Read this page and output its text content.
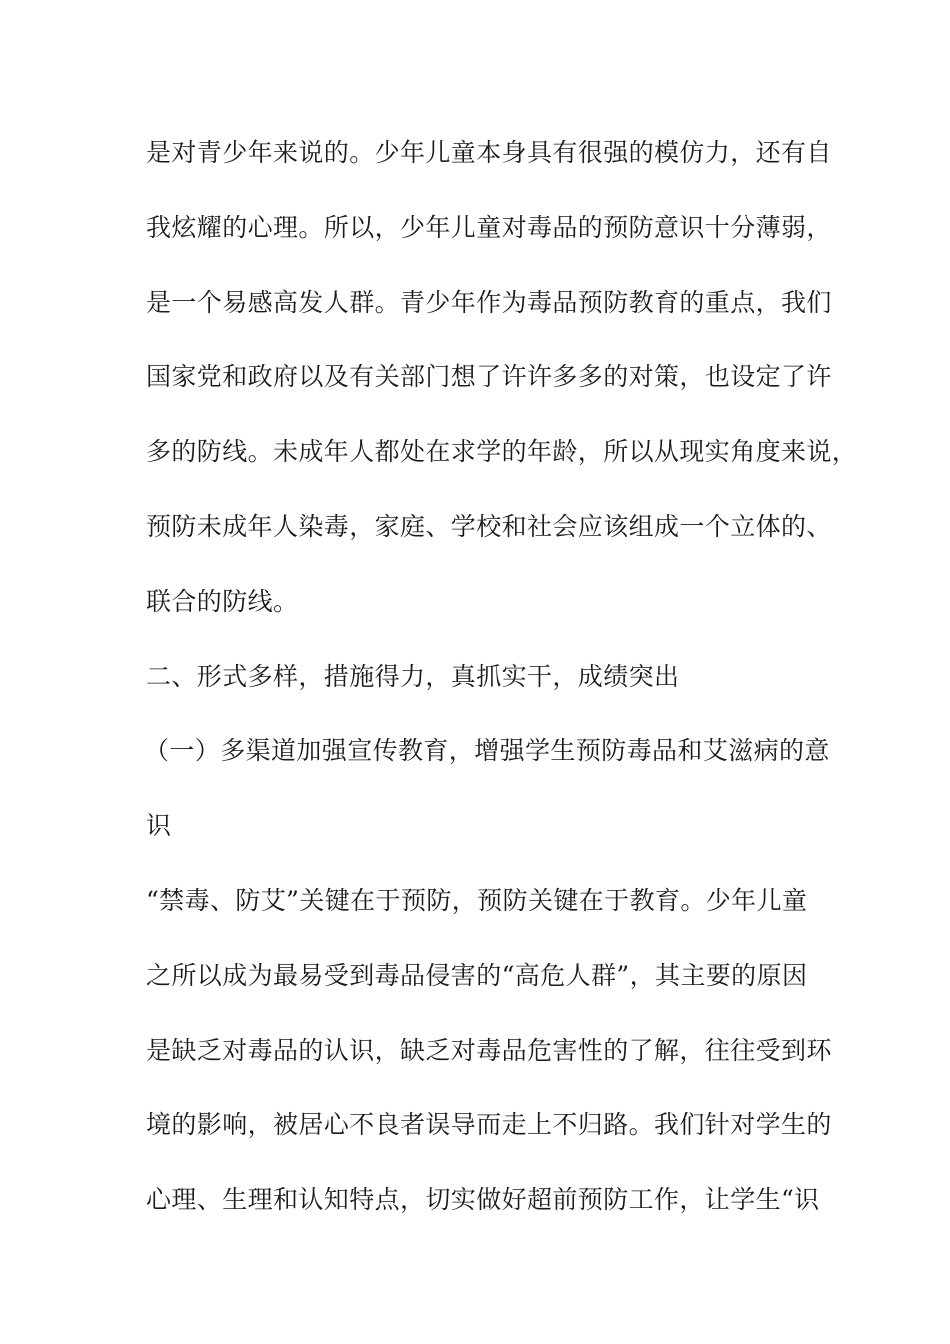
是对青少年来说的。少年儿童本身具有很强的模仿力，还有自
我炫耀的心理。所以，少年儿童对毒品的预防意识十分薄弱，
是一个易感高发人群。青少年作为毒品预防教育的重点，我们
国家党和政府以及有关部门想了许许多多的对策，也设定了许
多的防线。未成年人都处在求学的年龄，所以从现实角度来说，
预防未成年人染毒，家庭、学校和社会应该组成一个立体的、
联合的防线。
二、形式多样，措施得力，真抓实干，成绩突出
（一）多渠道加强宣传教育，增强学生预防毒品和艾滋病的意
识
“禁毒、防艾”关键在于预防，预防关键在于教育。少年儿童
之所以成为最易受到毒品侵害的“高危人群”，其主要的原因
是缺乏对毒品的认识，缺乏对毒品危害性的了解，往往受到环
境的影响，被居心不良者误导而走上不归路。我们针对学生的
心理、生理和认知特点，切实做好超前预防工作，让学生“识
